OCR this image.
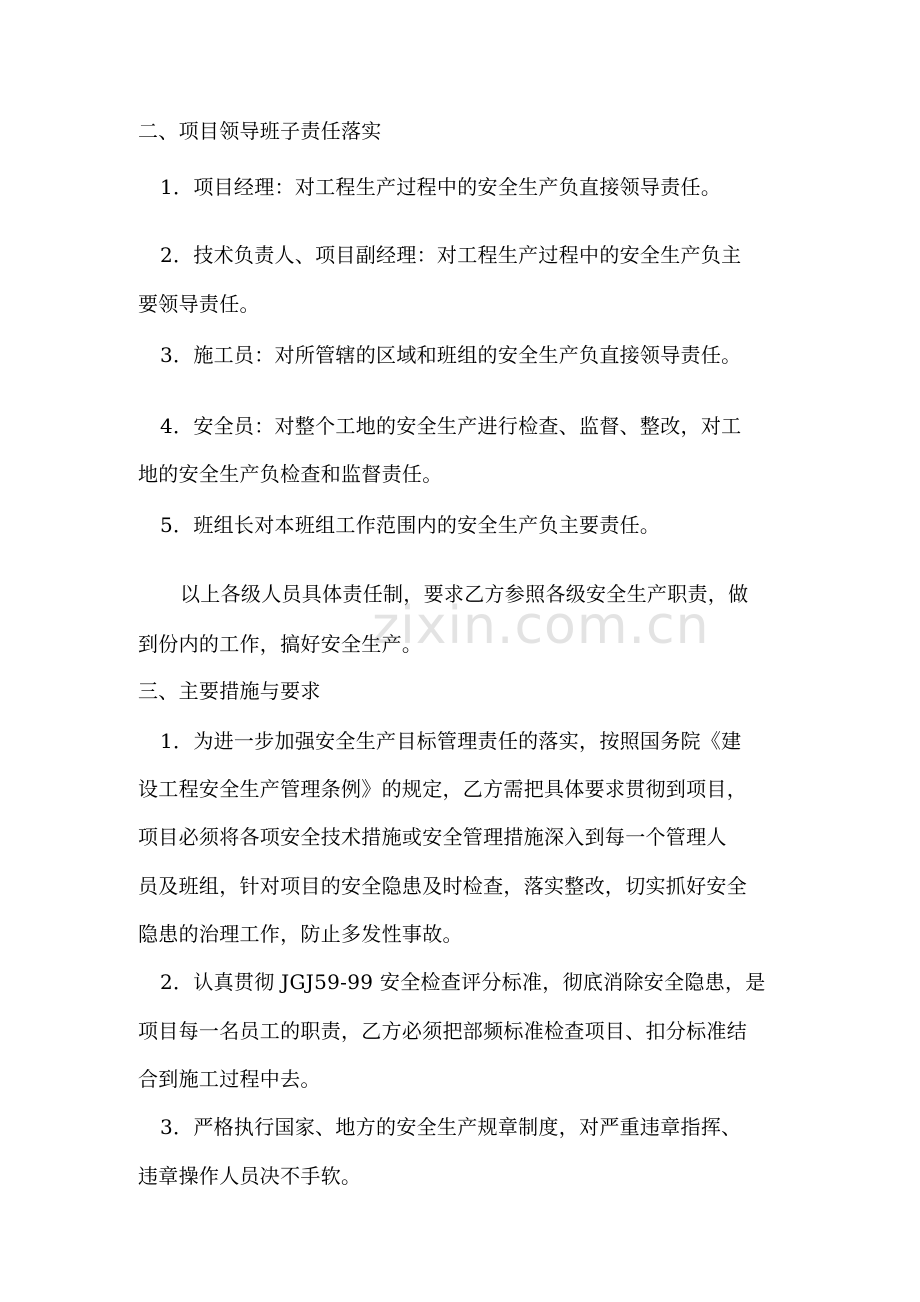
zixin.com.cn
二、项目领导班子责任落实
1．项目经理：对工程生产过程中的安全生产负直接领导责任。
2．技术负责人、项目副经理：对工程生产过程中的安全生产负主
要领导责任。
3．施工员：对所管辖的区域和班组的安全生产负直接领导责任。
4．安全员：对整个工地的安全生产进行检查、监督、整改，对工
地的安全生产负检查和监督责任。
5．班组长对本班组工作范围内的安全生产负主要责任。
以上各级人员具体责任制，要求乙方参照各级安全生产职责，做
到份内的工作，搞好安全生产。
三、主要措施与要求
1．为进一步加强安全生产目标管理责任的落实，按照国务院《建
设工程安全生产管理条例》的规定，乙方需把具体要求贯彻到项目，
项目必须将各项安全技术措施或安全管理措施深入到每一个管理人
员及班组，针对项目的安全隐患及时检查，落实整改，切实抓好安全
隐患的治理工作，防止多发性事故。
2．认真贯彻 JGJ59-99 安全检查评分标准，彻底消除安全隐患，是
项目每一名员工的职责，乙方必须把部频标准检查项目、扣分标准结
合到施工过程中去。
3．严格执行国家、地方的安全生产规章制度，对严重违章指挥、
违章操作人员决不手软。
